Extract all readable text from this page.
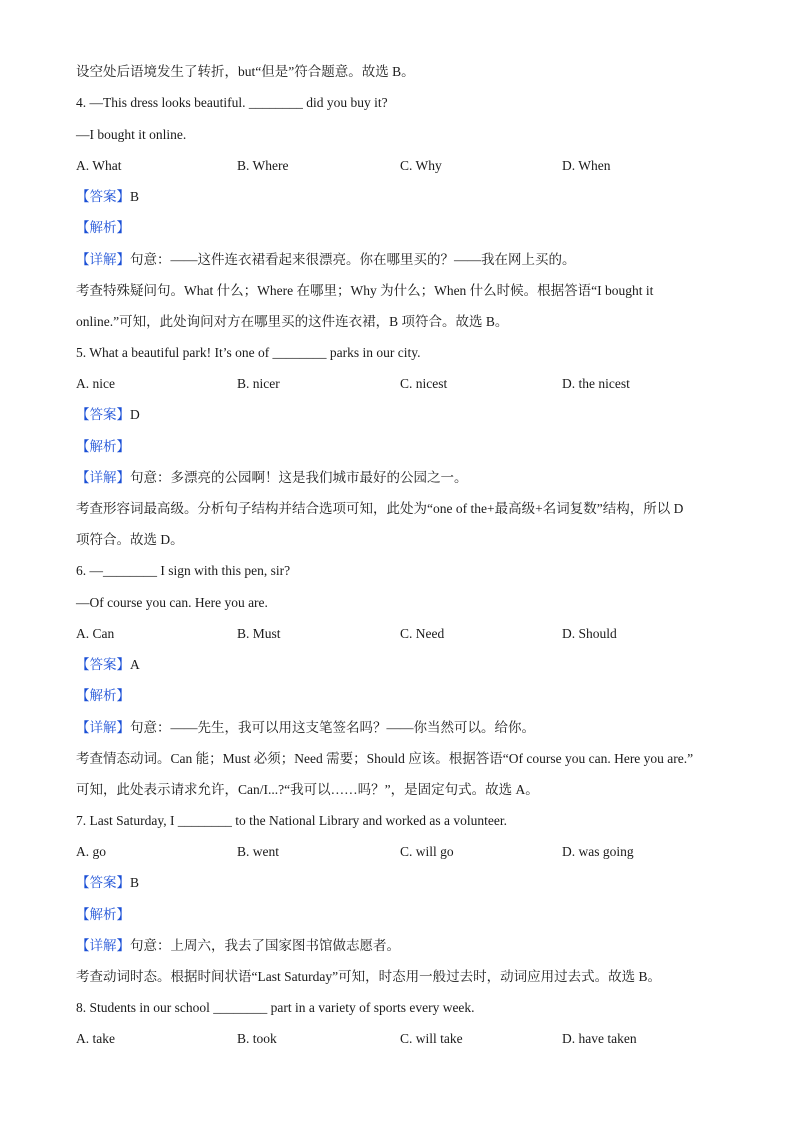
设空处后语境发生了转折，but“但是”符合题意。故选 B。
4. —This dress looks beautiful. ________ did you buy it?
—I bought it online.
A. What	B. Where	C. Why	D. When
【答案】B
【解析】
【详解】句意：——这件连衣裙看起来很漂亮。你在哪里买的？——我在网上买的。
考查特殊疑问句。What 什么；Where 在哪里；Why 为什么；When 什么时候。根据答语“I bought it
online.”可知，此处询问对方在哪里买的这件连衣裙，B 项符合。故选 B。
5. What a beautiful park! It’s one of ________ parks in our city.
A. nice	B. nicer	C. nicest	D. the nicest
【答案】D
【解析】
【详解】句意：多漂亮的公园啊！这是我们城市最好的公园之一。
考查形容词最高级。分析句子结构并结合选项可知，此处为“one of the+最高级+名词复数”结构，所以 D
项符合。故选 D。
6. —________ I sign with this pen, sir?
—Of course you can. Here you are.
A. Can	B. Must	C. Need	D. Should
【答案】A
【解析】
【详解】句意：——先生，我可以用这支笔签名吗？——你当然可以。给你。
考查情态动词。Can 能；Must 必须；Need 需要；Should 应该。根据答语“Of course you can. Here you are.”
可知，此处表示请求允许，Can/I...?“我可以……吗？”，是固定句式。故选 A。
7. Last Saturday, I ________ to the National Library and worked as a volunteer.
A. go	B. went	C. will go	D. was going
【答案】B
【解析】
【详解】句意：上周六，我去了国家图书馆做志愿者。
考查动词时态。根据时间状语“Last Saturday”可知，时态用一般过去时，动词应用过去式。故选 B。
8. Students in our school ________ part in a variety of sports every week.
A. take	B. took	C. will take	D. have taken
